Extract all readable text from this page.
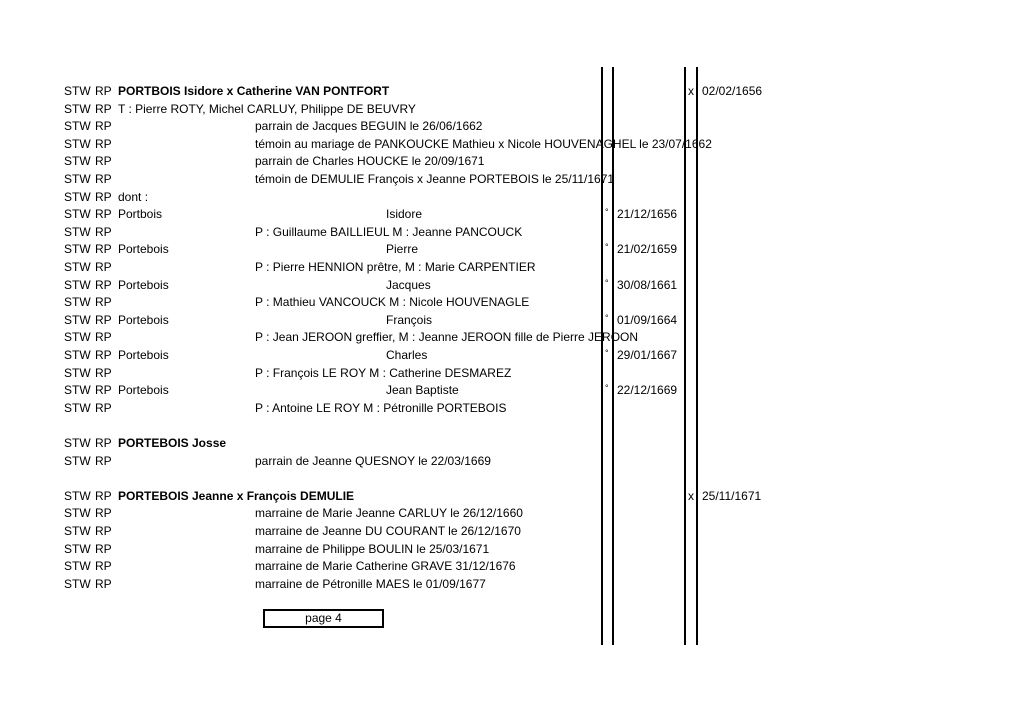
STW RP PORTBOIS Isidore x Catherine VAN PONTFORT	x 02/02/1656
STW RP T : Pierre ROTY, Michel CARLUY, Philippe DE BEUVRY
STW RP	parrain de Jacques BEGUIN le 26/06/1662
STW RP	témoin au mariage de PANKOUCKE Mathieu x Nicole HOUVENAGHEL le 23/07/1662
STW RP	parrain de Charles HOUCKE le 20/09/1671
STW RP	témoin de DEMULIE François x Jeanne PORTEBOIS le 25/11/1671
STW RP dont :
STW RP Portbois	Isidore	° 21/12/1656
STW RP	P : Guillaume BAILLIEUL M : Jeanne PANCOUCK
STW RP Portebois	Pierre	° 21/02/1659
STW RP	P : Pierre HENNION prêtre, M : Marie CARPENTIER
STW RP Portebois	Jacques	° 30/08/1661
STW RP	P : Mathieu VANCOUCK M : Nicole HOUVENAGLE
STW RP Portebois	François	° 01/09/1664
STW RP	P : Jean JEROON greffier, M : Jeanne JEROON fille de Pierre JEROON
STW RP Portebois	Charles	° 29/01/1667
STW RP	P : François LE ROY M : Catherine DESMAREZ
STW RP Portebois	Jean Baptiste	° 22/12/1669
STW RP	P : Antoine LE ROY M : Pétronille PORTEBOIS
STW RP PORTEBOIS Josse
STW RP	parrain de Jeanne QUESNOY le 22/03/1669
STW RP PORTEBOIS Jeanne x François DEMULIE	x 25/11/1671
STW RP	marraine de Marie Jeanne CARLUY le 26/12/1660
STW RP	marraine de Jeanne DU COURANT le 26/12/1670
STW RP	marraine de Philippe BOULIN le 25/03/1671
STW RP	marraine de Marie Catherine GRAVE 31/12/1676
STW RP	marraine de Pétronille MAES le 01/09/1677
page 4
